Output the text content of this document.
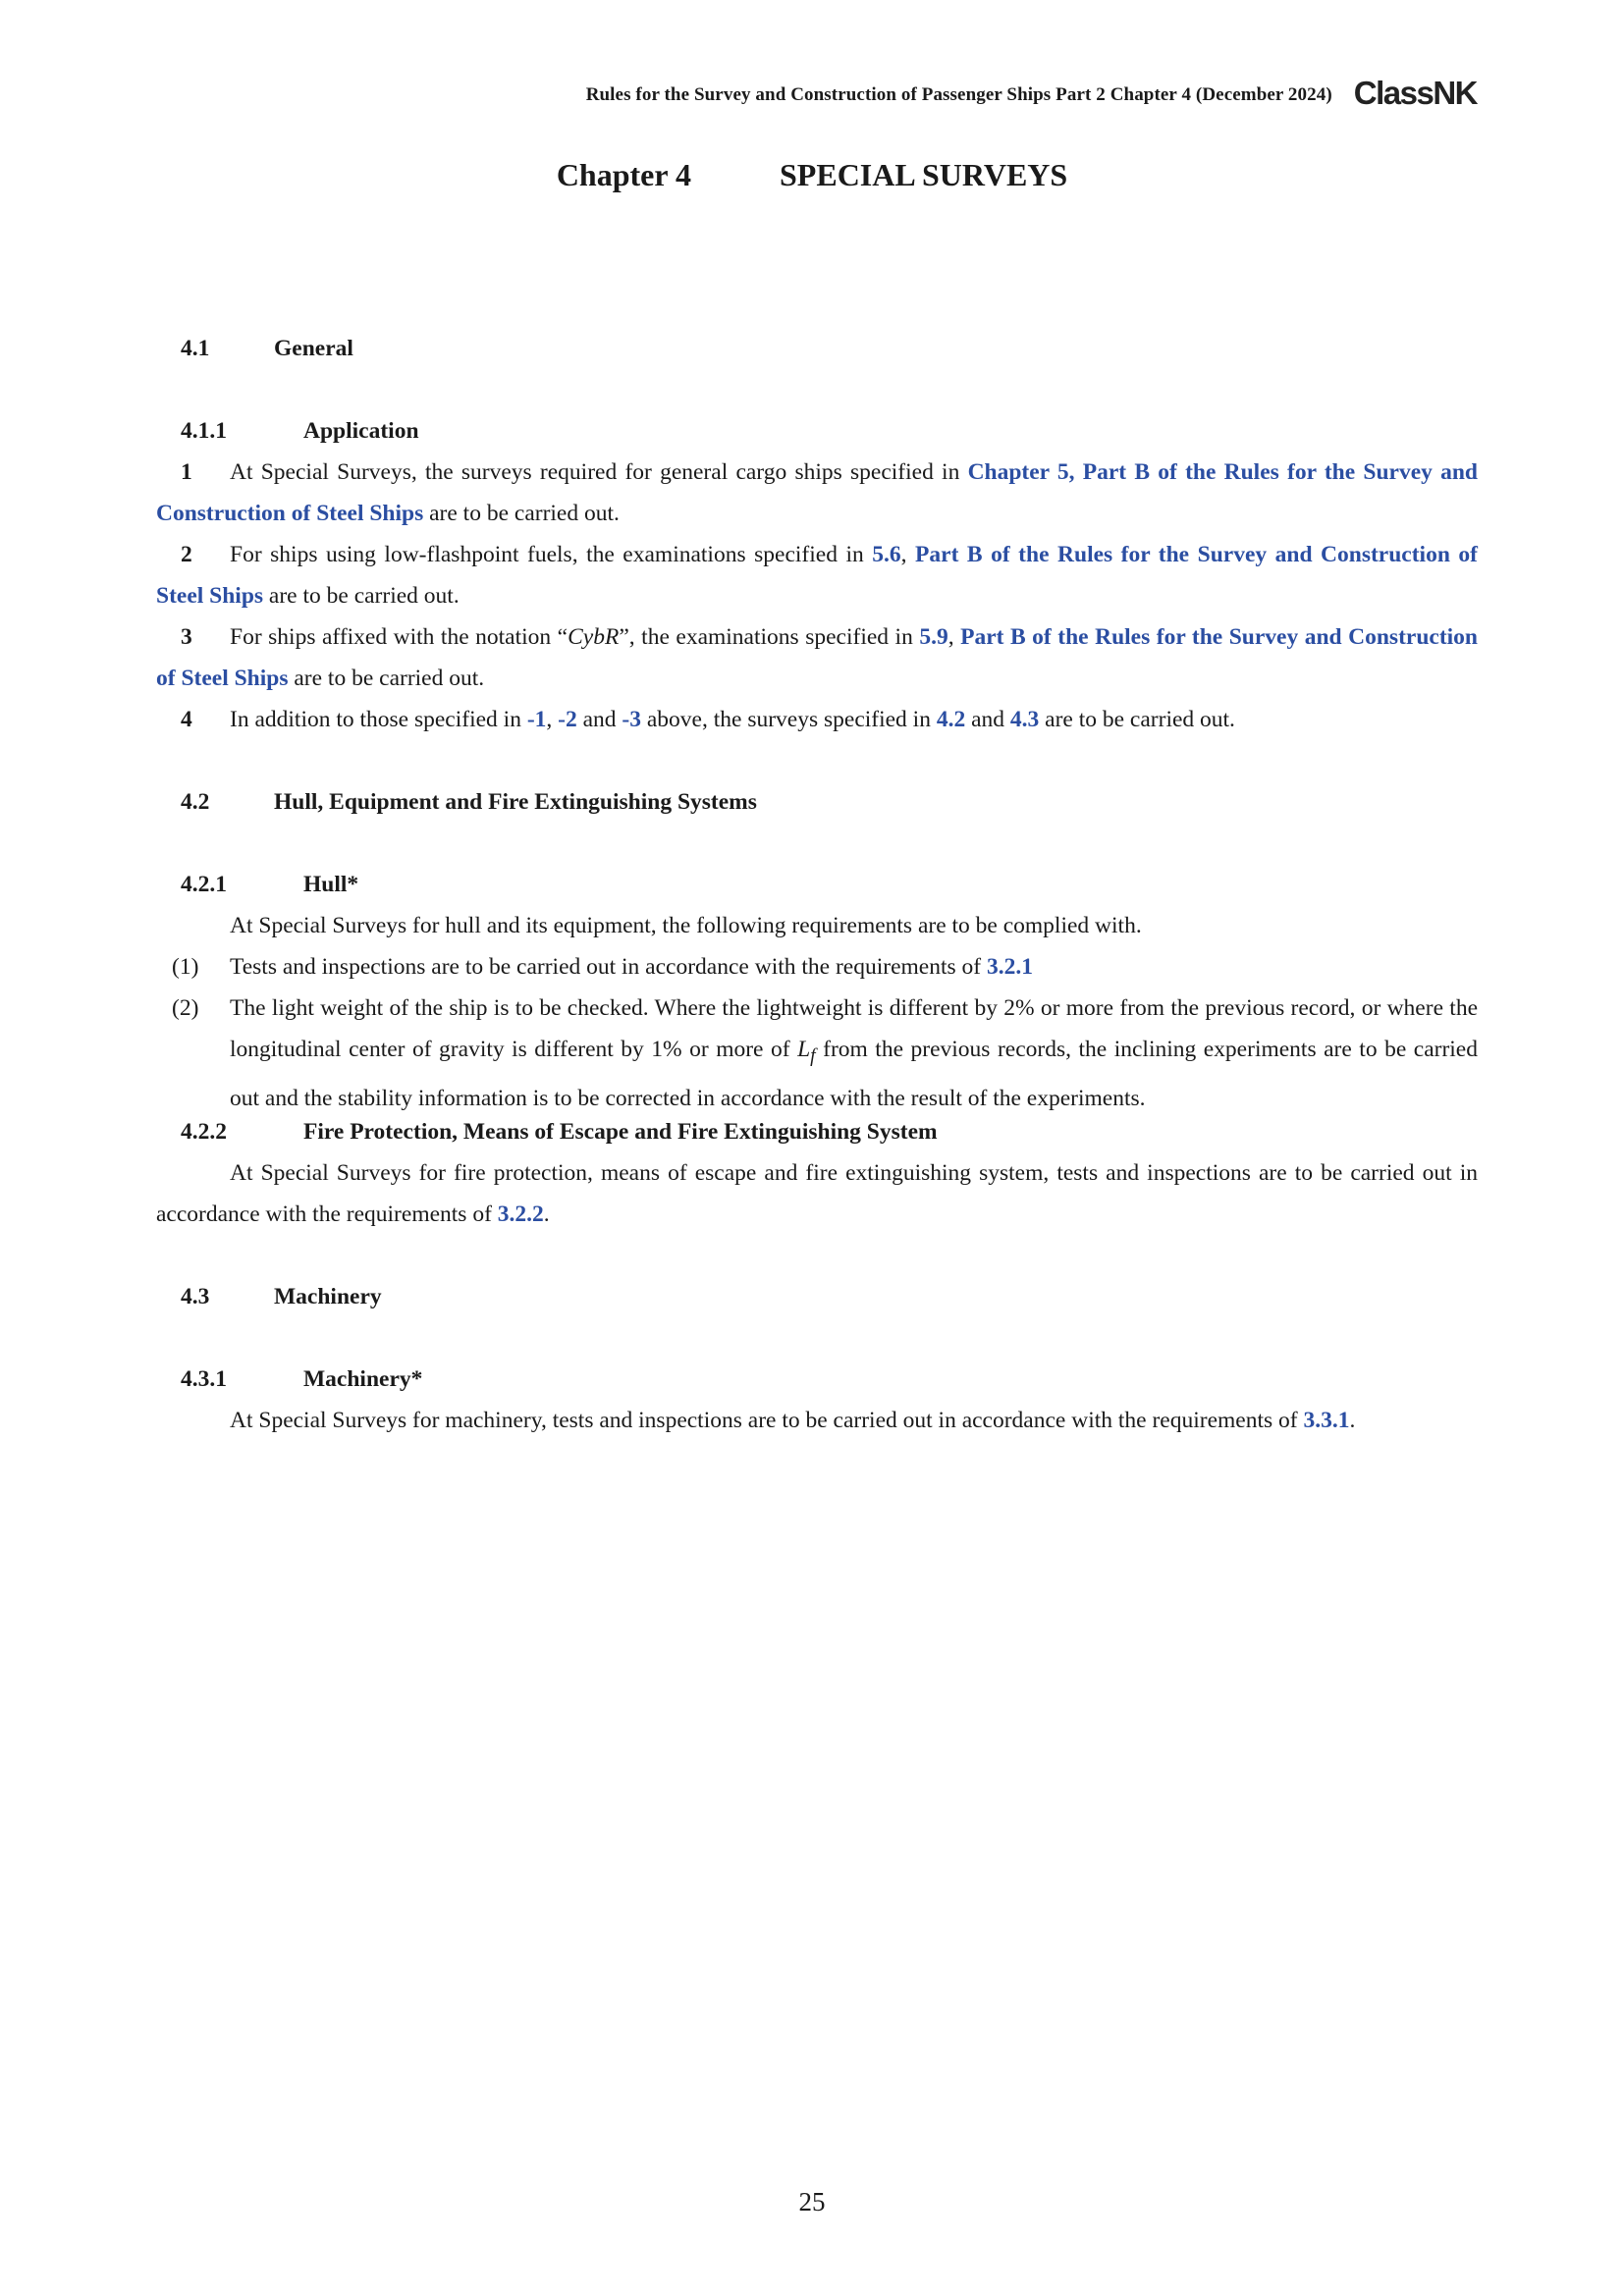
Rules for the Survey and Construction of Passenger Ships Part 2 Chapter 4 (December 2024) ClassNK
Chapter 4	SPECIAL SURVEYS
4.1	General
4.1.1	Application
1 At Special Surveys, the surveys required for general cargo ships specified in Chapter 5, Part B of the Rules for the Survey and Construction of Steel Ships are to be carried out.
2 For ships using low-flashpoint fuels, the examinations specified in 5.6, Part B of the Rules for the Survey and Construction of Steel Ships are to be carried out.
3 For ships affixed with the notation “CybR”, the examinations specified in 5.9, Part B of the Rules for the Survey and Construction of Steel Ships are to be carried out.
4 In addition to those specified in -1, -2 and -3 above, the surveys specified in 4.2 and 4.3 are to be carried out.
4.2	Hull, Equipment and Fire Extinguishing Systems
4.2.1	Hull*
At Special Surveys for hull and its equipment, the following requirements are to be complied with.
(1)	Tests and inspections are to be carried out in accordance with the requirements of 3.2.1
(2)	The light weight of the ship is to be checked. Where the lightweight is different by 2% or more from the previous record, or where the longitudinal center of gravity is different by 1% or more of $L_f$ from the previous records, the inclining experiments are to be carried out and the stability information is to be corrected in accordance with the result of the experiments.
4.2.2	Fire Protection, Means of Escape and Fire Extinguishing System
At Special Surveys for fire protection, means of escape and fire extinguishing system, tests and inspections are to be carried out in accordance with the requirements of 3.2.2.
4.3	Machinery
4.3.1	Machinery*
At Special Surveys for machinery, tests and inspections are to be carried out in accordance with the requirements of 3.3.1.
25
